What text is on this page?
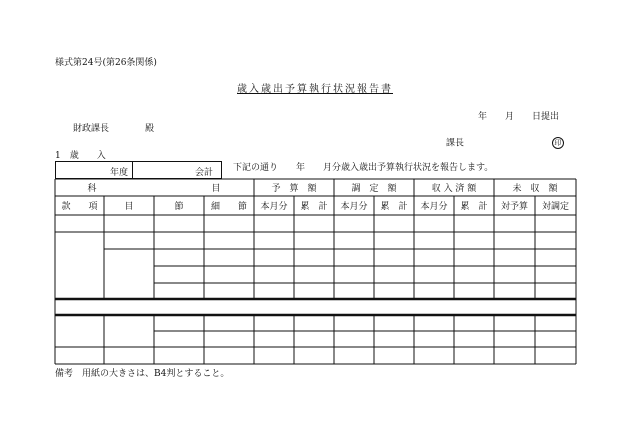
様式第24号(第26条関係)
歳入歳出予算執行状況報告書
年　　月　　日提出
財政課長　　　　殿
課長	印
1　歳　　入
年度	会計 下記の通り　　年　　月分歳入歳出予算執行状況を報告します。
科	目	予　算　額	調　定　額	収 入 済 額	未　収　額
款　　項	目	節	細　　節 本月分 累　計 本月分 累　計 本月分 累　計 対予算 対調定
備考　用紙の大きさは、B4判とすること。
